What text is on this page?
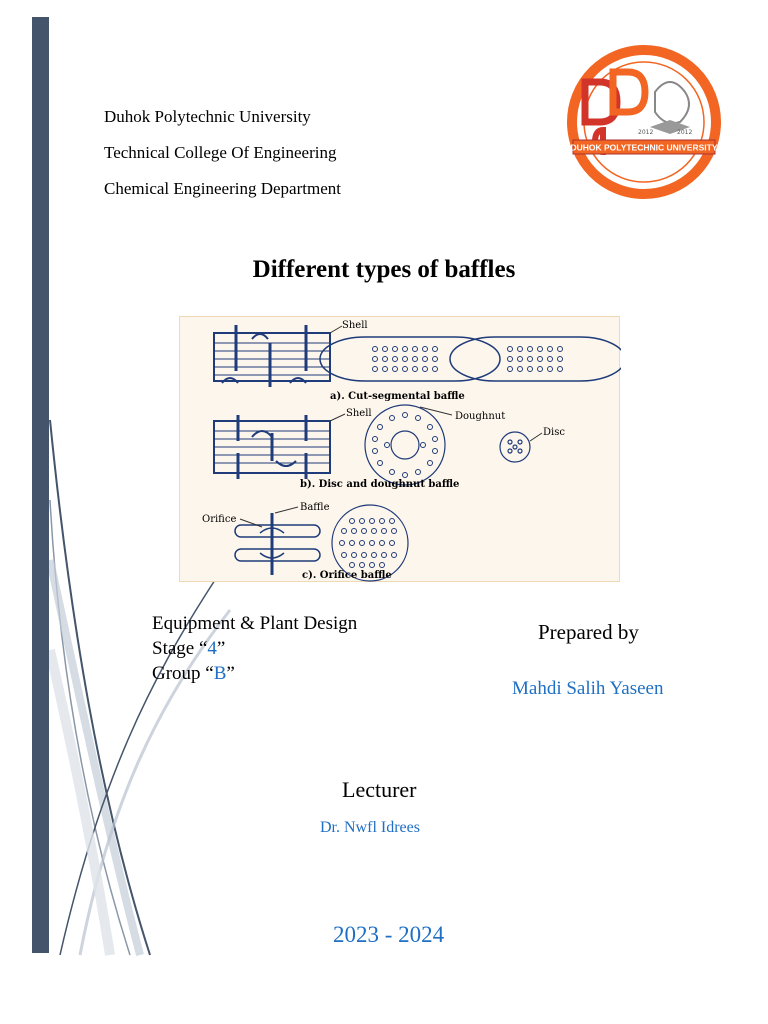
Duhok Polytechnic University
Technical College Of Engineering
Chemical Engineering Department
2012	2012
DUHOK POLYTECHNIC UNIVERSITY
Different types of baffles
Shell
a). Cut-segmental baffle
Shell	Doughnut
Disc
b). Disc and doughnut baffle
Baffle
Orifice
c). Orifice baffle
Equipment & Plant Design
Stage “4”
Group “B”
Prepared by
Mahdi Salih Yaseen
Lecturer
Dr. Nwfl Idrees
2023 - 2024
